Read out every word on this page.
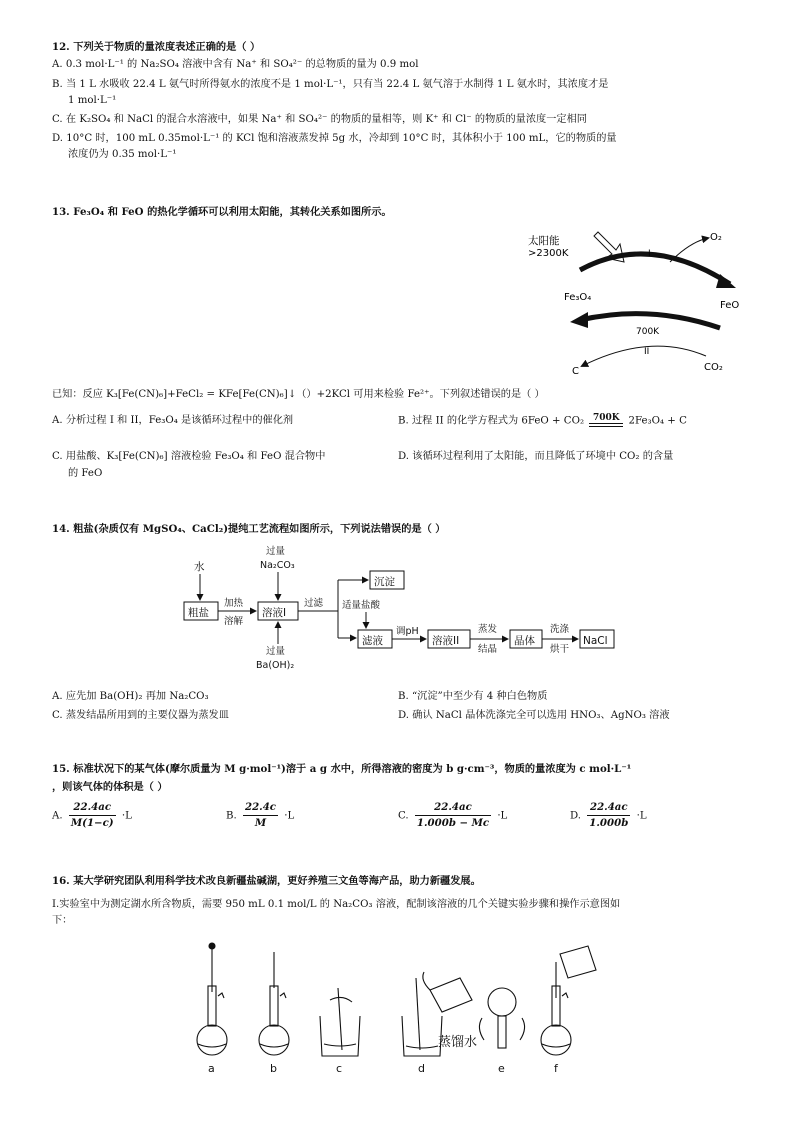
12. 下列关于物质的量浓度表述正确的是（ ）
A. 0.3 mol·L⁻¹ 的 Na₂SO₄ 溶液中含有 Na⁺ 和 SO₄²⁻ 的总物质的量为 0.9 mol
B. 当 1 L 水吸收 22.4 L 氨气时所得氨水的浓度不是 1 mol·L⁻¹，只有当 22.4 L 氨气溶于水制得 1 L 氨水时，其浓度才是
1 mol·L⁻¹
C. 在 K₂SO₄ 和 NaCl 的混合水溶液中，如果 Na⁺ 和 SO₄²⁻ 的物质的量相等，则 K⁺ 和 Cl⁻ 的物质的量浓度一定相同
D. 10°C 时，100 mL 0.35mol·L⁻¹ 的 KCl 饱和溶液蒸发掉 5g 水，冷却到 10°C 时，其体积小于 100 mL，它的物质的量
浓度仍为 0.35 mol·L⁻¹
13. Fe₃O₄ 和 FeO 的热化学循环可以利用太阳能，其转化关系如图所示。
太阳能
>2300K	I
O₂
Fe₃O₄
FeO
700K
II
C	CO₂
已知：反应 K₃[Fe(CN)₆]+FeCl₂ = KFe[Fe(CN)₆]↓（）+2KCl 可用来检验 Fe²⁺。下列叙述错误的是（ ）
A. 分析过程 I 和 II，Fe₃O₄ 是该循环过程中的催化剂	B. 过程 II 的化学方程式为 6FeO + CO₂ 700K 2Fe₃O₄ + C
C. 用盐酸、K₃[Fe(CN)₆] 溶液检验 Fe₃O₄ 和 FeO 混合物中
的 FeO
D. 该循环过程利用了太阳能，而且降低了环境中 CO₂ 的含量
14. 粗盐(杂质仅有 MgSO₄、CaCl₂)提纯工艺流程如图所示，下列说法错误的是（ ）
水
粗盐
加热
溶解
溶液I
过量
Na₂CO₃
过量
Ba(OH)₂
过滤
沉淀
适量盐酸
滤液
调pH
溶液II
蒸发
结晶
晶体
洗涤
烘干
NaCl
A. 应先加 Ba(OH)₂ 再加 Na₂CO₃	B. “沉淀”中至少有 4 种白色物质
C. 蒸发结晶所用到的主要仪器为蒸发皿	D. 确认 NaCl 晶体洗涤完全可以选用 HNO₃、AgNO₃ 溶液
15. 标准状况下的某气体(摩尔质量为 M g·mol⁻¹)溶于 a g 水中，所得溶液的密度为 b g·cm⁻³，物质的量浓度为 c mol·L⁻¹
，则该气体的体积是（ ）
A. $\frac{22.4ac}{M(1-c)} \cdot L$	B. $\frac{22.4c}{M} \cdot L$	C. $\frac{22.4ac}{1.000b - Mc} \cdot L$	D. $\frac{22.4ac}{1.000b} \cdot L$
16. 某大学研究团队利用科学技术改良新疆盐碱湖，更好养殖三文鱼等海产品，助力新疆发展。
I.实验室中为测定湖水所含物质，需要 950 mL 0.1 mol/L 的 Na₂CO₃ 溶液，配制该溶液的几个关键实验步骤和操作示意图如
下：
蒸馏水
a	b	c	d	e	f
